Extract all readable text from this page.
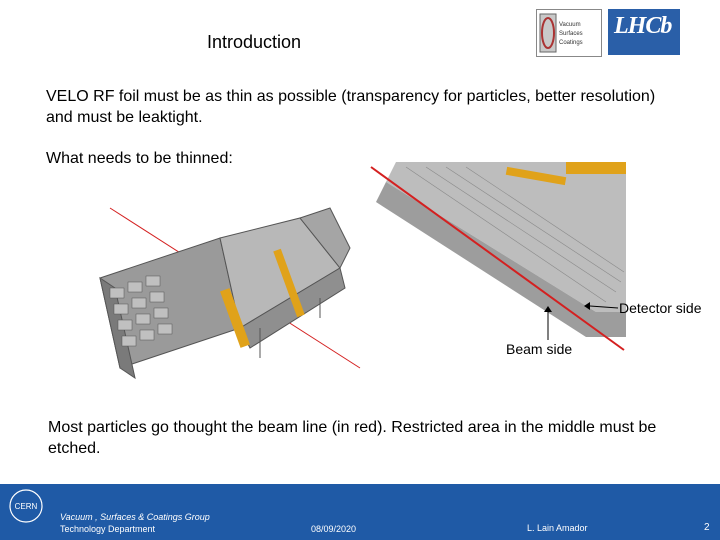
Introduction
Vacuum
Surfaces
Coatings
LHCb
VELO RF foil must be as thin as possible (transparency for particles, better resolution) and must be leaktight.
What needs to be thinned:
Detector side
Beam side
Most particles go thought the beam line (in red). Restricted area in the middle must be etched.
CERN
Vacuum , Surfaces & Coatings Group
Technology Department	08/09/2020	L. Lain Amador	2
